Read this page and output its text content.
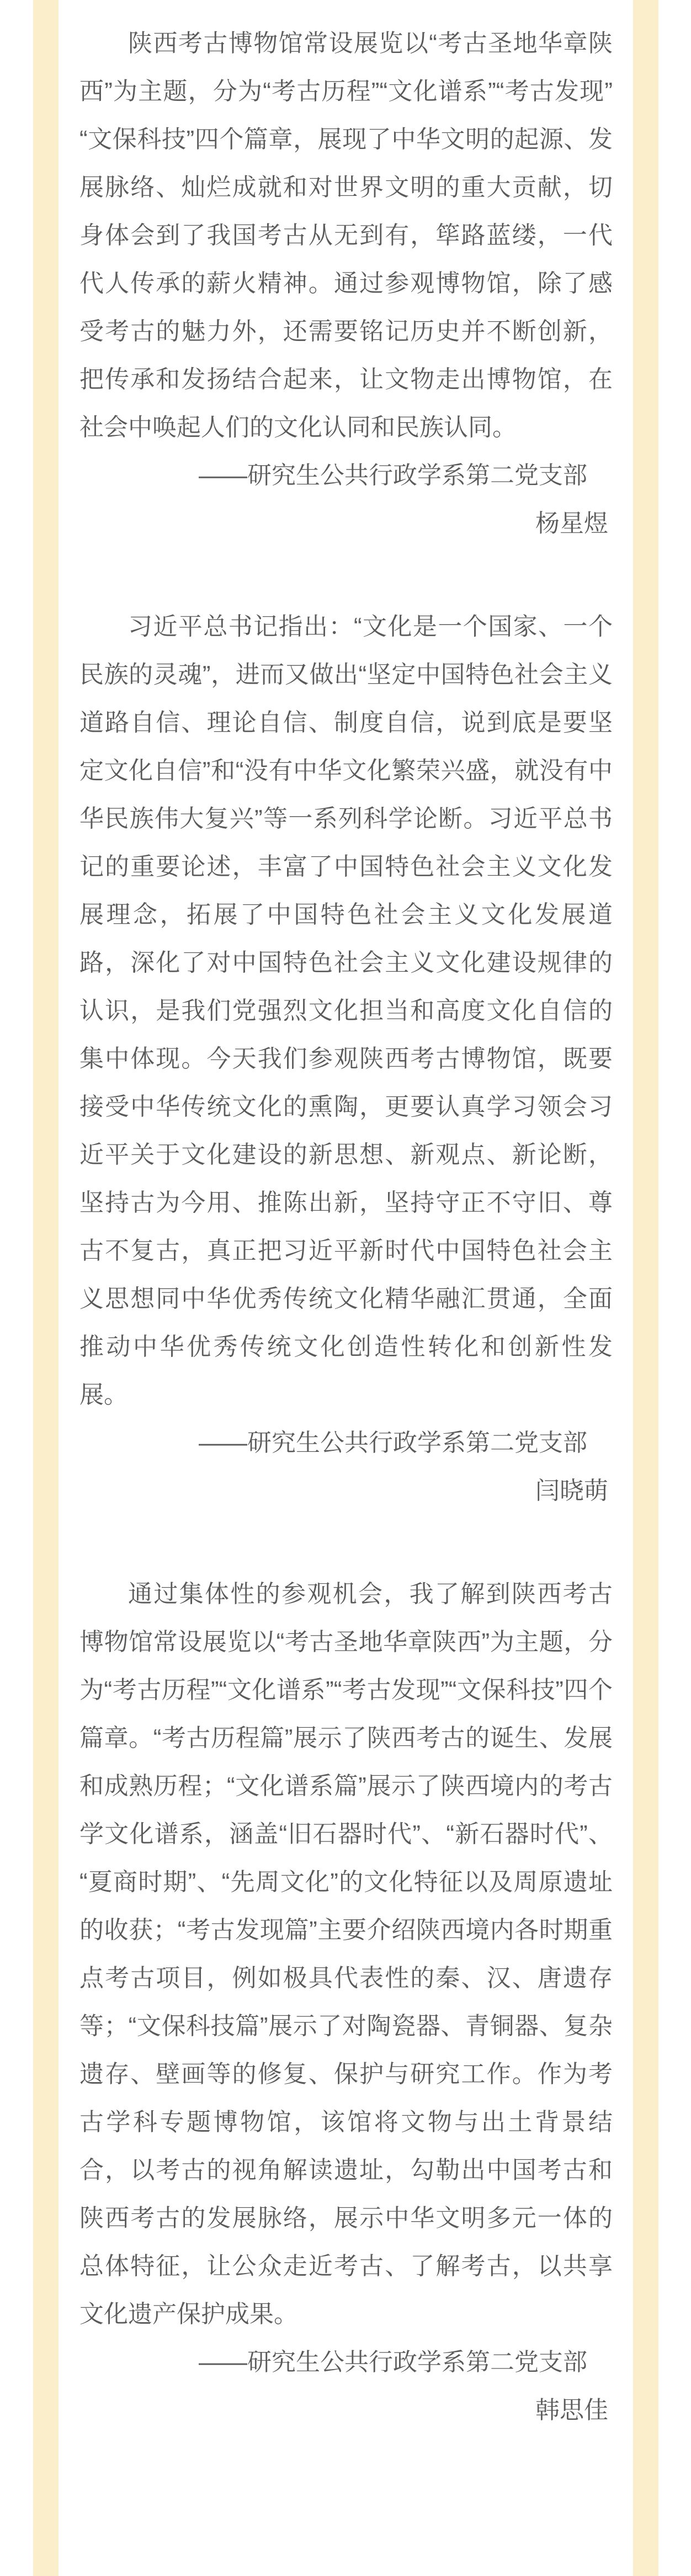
陕西考古博物馆常设展览以“考古圣地华章陕西”为主题，分为“考古历程”“文化谱系”“考古发现”“文保科技”四个篇章，展现了中华文明的起源、发展脉络、灿烂成就和对世界文明的重大贡献，切身体会到了我国考古从无到有，筚路蓝缕，一代代人传承的薪火精神。通过参观博物馆，除了感受考古的魅力外，还需要铭记历史并不断创新，把传承和发扬结合起来，让文物走出博物馆，在社会中唤起人们的文化认同和民族认同。

——研究生公共行政学系第二党支部

杨星煜

习近平总书记指出：“文化是一个国家、一个民族的灵魂”，进而又做出“坚定中国特色社会主义道路自信、理论自信、制度自信，说到底是要坚定文化自信”和“没有中华文化繁荣兴盛，就没有中华民族伟大复兴”等一系列科学论断。习近平总书记的重要论述，丰富了中国特色社会主义文化发展理念，拓展了中国特色社会主义文化发展道路，深化了对中国特色社会主义文化建设规律的认识，是我们党强烈文化担当和高度文化自信的集中体现。今天我们参观陕西考古博物馆，既要接受中华传统文化的熏陶，更要认真学习领会习近平关于文化建设的新思想、新观点、新论断，坚持古为今用、推陈出新，坚持守正不守旧、尊古不复古，真正把习近平新时代中国特色社会主义思想同中华优秀传统文化精华融汇贯通，全面推动中华优秀传统文化创造性转化和创新性发展。

——研究生公共行政学系第二党支部

闫晓萌

通过集体性的参观机会，我了解到陕西考古博物馆常设展览以“考古圣地华章陕西”为主题，分为“考古历程”“文化谱系”“考古发现”“文保科技”四个篇章。“考古历程篇”展示了陕西考古的诞生、发展和成熟历程；“文化谱系篇”展示了陕西境内的考古学文化谱系，涵盖“旧石器时代”、“新石器时代”、“夏商时期”、“先周文化”的文化特征以及周原遗址的收获；“考古发现篇”主要介绍陕西境内各时期重点考古项目，例如极具代表性的秦、汉、唐遗存等；“文保科技篇”展示了对陶瓷器、青铜器、复杂遗存、壁画等的修复、保护与研究工作。作为考古学科专题博物馆，该馆将文物与出土背景结合，以考古的视角解读遗址，勾勒出中国考古和陕西考古的发展脉络，展示中华文明多元一体的总体特征，让公众走近考古、了解考古，以共享文化遗产保护成果。

——研究生公共行政学系第二党支部

韩思佳
